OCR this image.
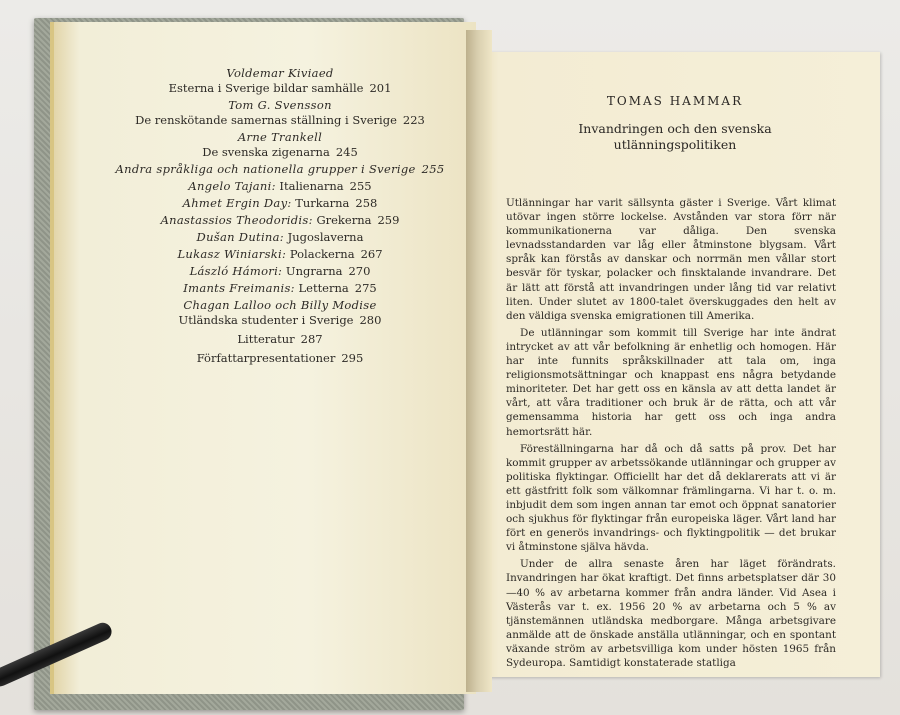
Voldemar Kiviaed
Esterna i Sverige bildar samhälle 201
Tom G. Svensson
De renskötande samernas ställning i Sverige 223
Arne Trankell
De svenska zigenarna 245
Andra språkliga och nationella grupper i Sverige 255
Angelo Tajani: Italienarna 255
Ahmet Ergin Day: Turkarna 258
Anastassios Theodoridis: Grekerna 259
Dušan Dutina: Jugoslaverna
Lukasz Winiarski: Polackerna 267
László Hámori: Ungrarna 270
Imants Freimanis: Letterna 275
Chagan Lalloo och Billy Modise
Utländska studenter i Sverige 280
Litteratur 287
Författarpresentationer 295
TOMAS HAMMAR
Invandringen och den svenska
utlänningspolitiken

Utlänningar har varit sällsynta gäster i Sverige. Vårt klimat utövar ingen större lockelse. Avstånden var stora förr när kommunikationerna var dåliga. Den svenska levnadsstandarden var låg eller åtminstone blygsam. Vårt språk kan förstås av danskar och norrmän men vållar stort besvär för tyskar, polacker och finsktalande invandrare. Det är lätt att förstå att invandringen under lång tid var relativt liten. Under slutet av 1800-talet överskuggades den helt av den väldiga svenska emigrationen till Amerika.

De utlänningar som kommit till Sverige har inte ändrat intrycket av att vår befolkning är enhetlig och homogen. Här har inte funnits språkskillnader att tala om, inga religionsmotsättningar och knappast ens några betydande minoriteter. Det har gett oss en känsla av att detta landet är vårt, att våra traditioner och bruk är de rätta, och att vår gemensamma historia har gett oss och inga andra hemortsrätt här.

Föreställningarna har då och då satts på prov. Det har kommit grupper av arbetssökande utlänningar och grupper av politiska flyktingar. Officiellt har det då deklarerats att vi är ett gästfritt folk som välkomnar främlingarna. Vi har t. o. m. inbjudit dem som ingen annan tar emot och öppnat sanatorier och sjukhus för flyktingar från europeiska läger. Vårt land har fört en generös invandrings- och flyktingpolitik — det brukar vi åtminstone själva hävda.

Under de allra senaste åren har läget förändrats. Invandringen har ökat kraftigt. Det finns arbetsplatser där 30—40 % av arbetarna kommer från andra länder. Vid Asea i Västerås var t. ex. 1956 20 % av arbetarna och 5 % av tjänstemännen utländska medborgare. Många arbetsgivare anmälde att de önskade anställa utlänningar, och en spontant växande ström av arbetsvilliga kom under hösten 1965 från Sydeuropa. Samtidigt konstaterade statliga
